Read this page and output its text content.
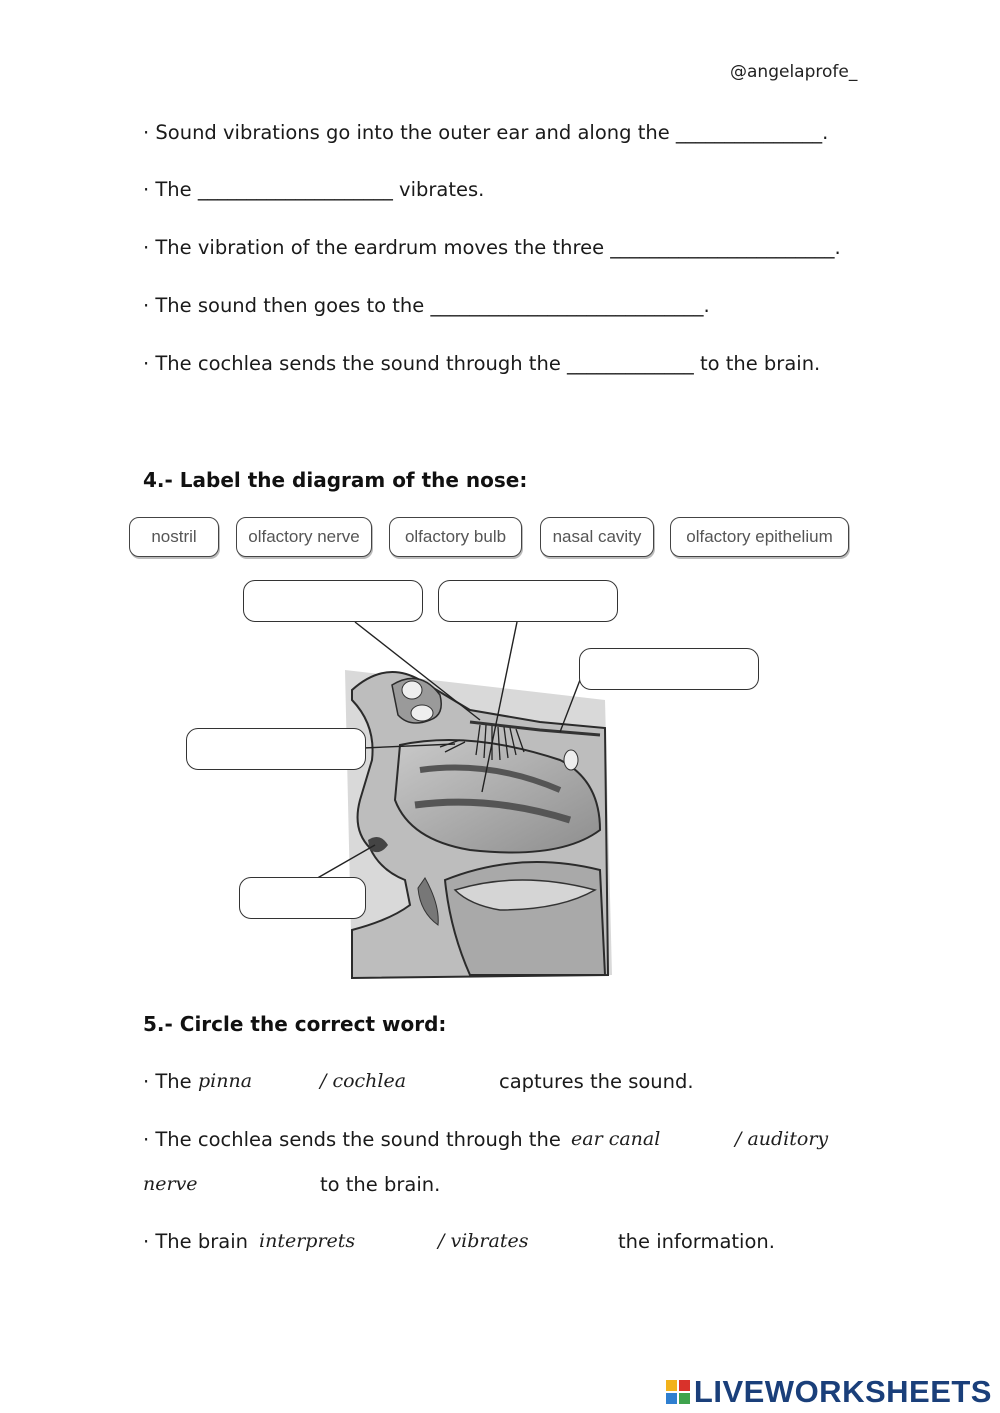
@angelaprofe_
· Sound vibrations go into the outer ear and along the _______________.
· The ____________________ vibrates.
· The vibration of the eardrum moves the three _______________________.
· The sound then goes to the ____________________________.
· The cochlea sends the sound through the _____________ to the brain.
4.- Label the diagram of the nose:
nostril	olfactory nerve	olfactory bulb	nasal cavity	olfactory epithelium
5.- Circle the correct word:
· The pinna	/ cochlea	captures the sound.
· The cochlea sends the sound through the ear canal	/ auditory
nerve	to the brain.
· The brain interprets	/ vibrates	the information.
LIVEWORKSHEETS
